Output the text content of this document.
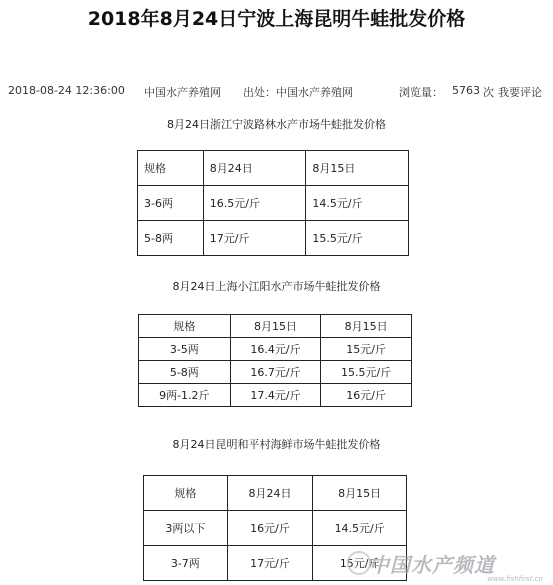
2018年8月24日宁波上海昆明牛蛙批发价格
2018-08-24 12:36:00 中国水产养殖网 出处：中国水产养殖网	浏览量： 5763 次 我要评论
8月24日浙江宁波路林水产市场牛蛙批发价格
规格	8月24日	8月15日
3-6两	16.5元/斤	14.5元/斤
5-8两	17元/斤	15.5元/斤
8月24日上海小江阳水产市场牛蛙批发价格
规格	8月15日	8月15日
3-5两	16.4元/斤	15元/斤
5-8两	16.7元/斤	15.5元/斤
9两-1.2斤	17.4元/斤	16元/斤
8月24日昆明和平村海鲜市场牛蛙批发价格
规格	8月24日	8月15日
3两以下	16元/斤	14.5元/斤
3-7两	17元/斤	15元/斤
中国水产频道
www.fishfirst.cn
